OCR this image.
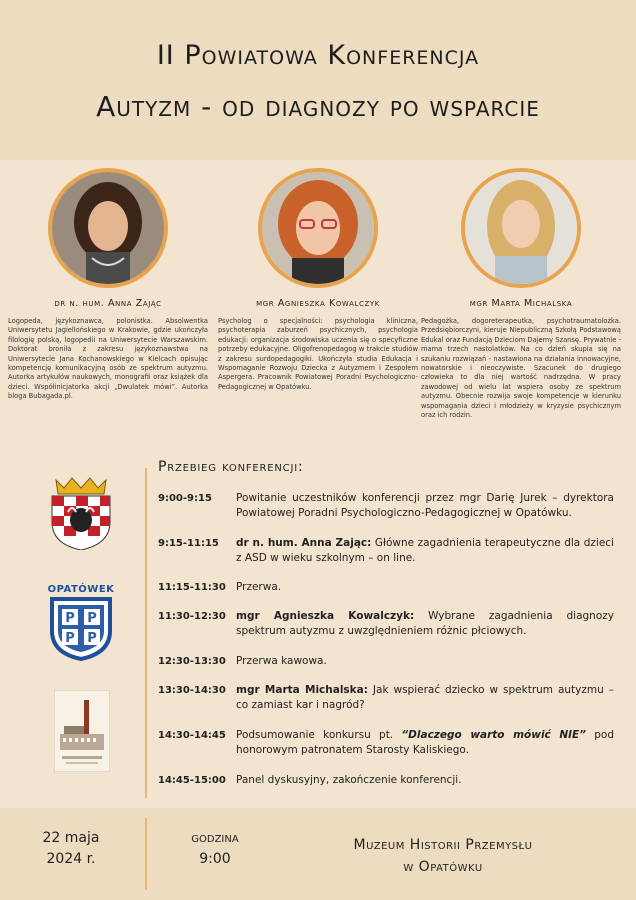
II Powiatowa Konferencja
Autyzm - od diagnozy po wsparcie
dr n. hum. Anna Zając
Logopeda, językoznawca, polonistka. Absolwentka Uniwersytetu Jagiellońskiego w Krakowie, gdzie ukończyła filologię polską, logopedii na Uniwersytecie Warszawskim. Doktorat broniła z zakresu językoznawstwa na Uniwersytecie Jana Kochanowskiego w Kielcach opisując kompetencję komunikacyjną osób ze spektrum autyzmu. Autorka artykułów naukowych, monografii oraz książek dla dzieci. Współinicjatorka akcji „Dwulatek mówi”. Autorka bloga Bubagada.pl.
mgr Agnieszka Kowalczyk
Psycholog o specjalności: psychologia kliniczna, psychoterapia zaburzeń psychicznych, psychologia edukacji: organizacja środowiska uczenia się o specyficzne potrzeby edukacyjne. Oligofrenopedagog w trakcie studiów z zakresu surdopedagogiki. Ukończyła studia Edukacja i Wspomaganie Rozwoju Dziecka z Autyzmem i Zespołem Aspergera. Pracownik Powiatowej Poradni Psychologiczno-Pedagogicznej w Opatówku.
mgr Marta Michalska
Pedagożka, dogoreterapeutka, psychotraumatolożka. Przedsiębiorczyni, kieruje Niepubliczną Szkołą Podstawową Edukal oraz Fundacją Dzieciom Dajemy Szansę. Prywatnie - mama trzech nastolatków. Na co dzień skupia się na szukaniu rozwiązań - nastawiona na działania innowacyjne, nowatorskie i nieoczywiste. Szacunek do drugiego człowieka to dla niej wartość nadrzędna. W pracy zawodowej od wielu lat wspiera osoby ze spektrum autyzmu. Obecnie rozwija swoje kompetencje w kierunku wspomagania dzieci i młodzieży w kryzysie psychicznym oraz ich rodzin.
OPATÓWEK
P P
P P
Przebieg konferencji:
9:00-9:15	Powitanie uczestników konferencji przez mgr Darię Jurek – dyrektora Powiatowej Poradni Psychologiczno-Pedagogicznej w Opatówku.
9:15-11:15	dr n. hum. Anna Zając: Główne zagadnienia terapeutyczne dla dzieci z ASD w wieku szkolnym – on line.
11:15-11:30 Przerwa.
11:30-12:30 mgr Agnieszka Kowalczyk: Wybrane zagadnienia diagnozy spektrum autyzmu z uwzględnieniem różnic płciowych.
12:30-13:30 Przerwa kawowa.
13:30-14:30 mgr Marta Michalska: Jak wspierać dziecko w spektrum autyzmu – co zamiast kar i nagród?
14:30-14:45 Podsumowanie konkursu pt. “Dlaczego warto mówić NIE” pod honorowym patronatem Starosty Kaliskiego.
14:45-15:00 Panel dyskusyjny, zakończenie konferencji.
22 maja
2024 r.
godzina
9:00
Muzeum Historii Przemysłu
w Opatówku
